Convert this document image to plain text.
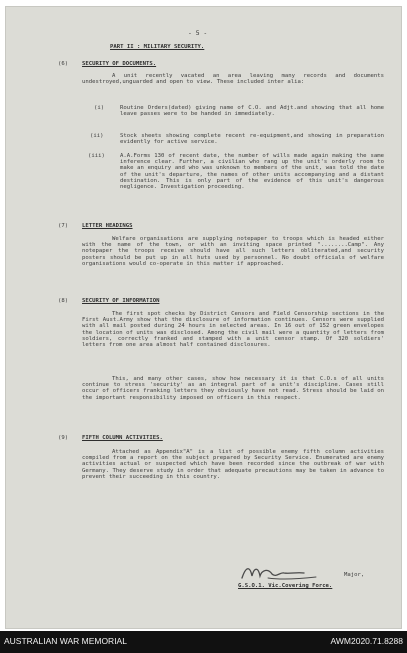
- 5 -
PART II : MILITARY SECURITY.
(6) SECURITY OF DOCUMENTS.
A unit recently vacated an area leaving many records and documents undestroyed,unguarded and open to view. These included inter alia:
(i)	Routine Orders(dated) giving name of C.O. and Adjt.and showing that all home leave passes were to be handed in immediately.
(ii)	Stock sheets showing complete recent re-equipment,and showing in preparation evidently for active service.
(iii)	A.A.Forms 130 of recent date, the number of wills made again making the same inference clear. Further, a civilian who rang up the unit's orderly room to make an enquiry and who was unknown to members of the unit, was told the date of the unit's departure, the names of other units accompanying and a distant destination. This is only part of the evidence of this unit's dangerous negligence. Investigation proceeding.
(7) LETTER HEADINGS
Welfare organisations are supplying notepaper to troops which is headed either with the name of the town, or with an inviting space printed "........Camp". Any notepaper the troops receive should have all such letters obliterated,and security posters should be put up in all huts used by personnel. No doubt officials of welfare organisations would co-operate in this matter if approached.
(8) SECURITY OF INFORMATION
The first spot checks by District Censors and Field Censorship sections in the First Aust.Army show that the disclosure of information continues. Censors were supplied with all mail posted during 24 hours in selected areas. In 16 out of 152 green envelopes the location of units was disclosed. Among the civil mail were a quantity of letters from soldiers, correctly franked and stamped with a unit censor stamp. Of 320 soldiers' letters from one area almost half contained disclosures.
This, and many other cases, show how necessary it is that C.O.s of all units continue to stress 'security' as an integral part of a unit's discipline. Cases still occur of officers franking letters they obviously have not read. Stress should be laid on the important responsibility imposed on officers in this respect.
(9) FIFTH COLUMN ACTIVITIES.
Attached as Appendix"A" is a list of possible enemy fifth column activities compiled from a report on the subject prepared by Security Service. Enumerated are enemy activities actual or suspected which have been recorded since the outbreak of war with Germany. They deserve study in order that adequate precautions may be taken in advance to prevent their succeeding in this country.
Major,
G.S.O.1. Vic.Covering Force.
AUSTRALIAN WAR MEMORIAL	AWM2020.71.8288
